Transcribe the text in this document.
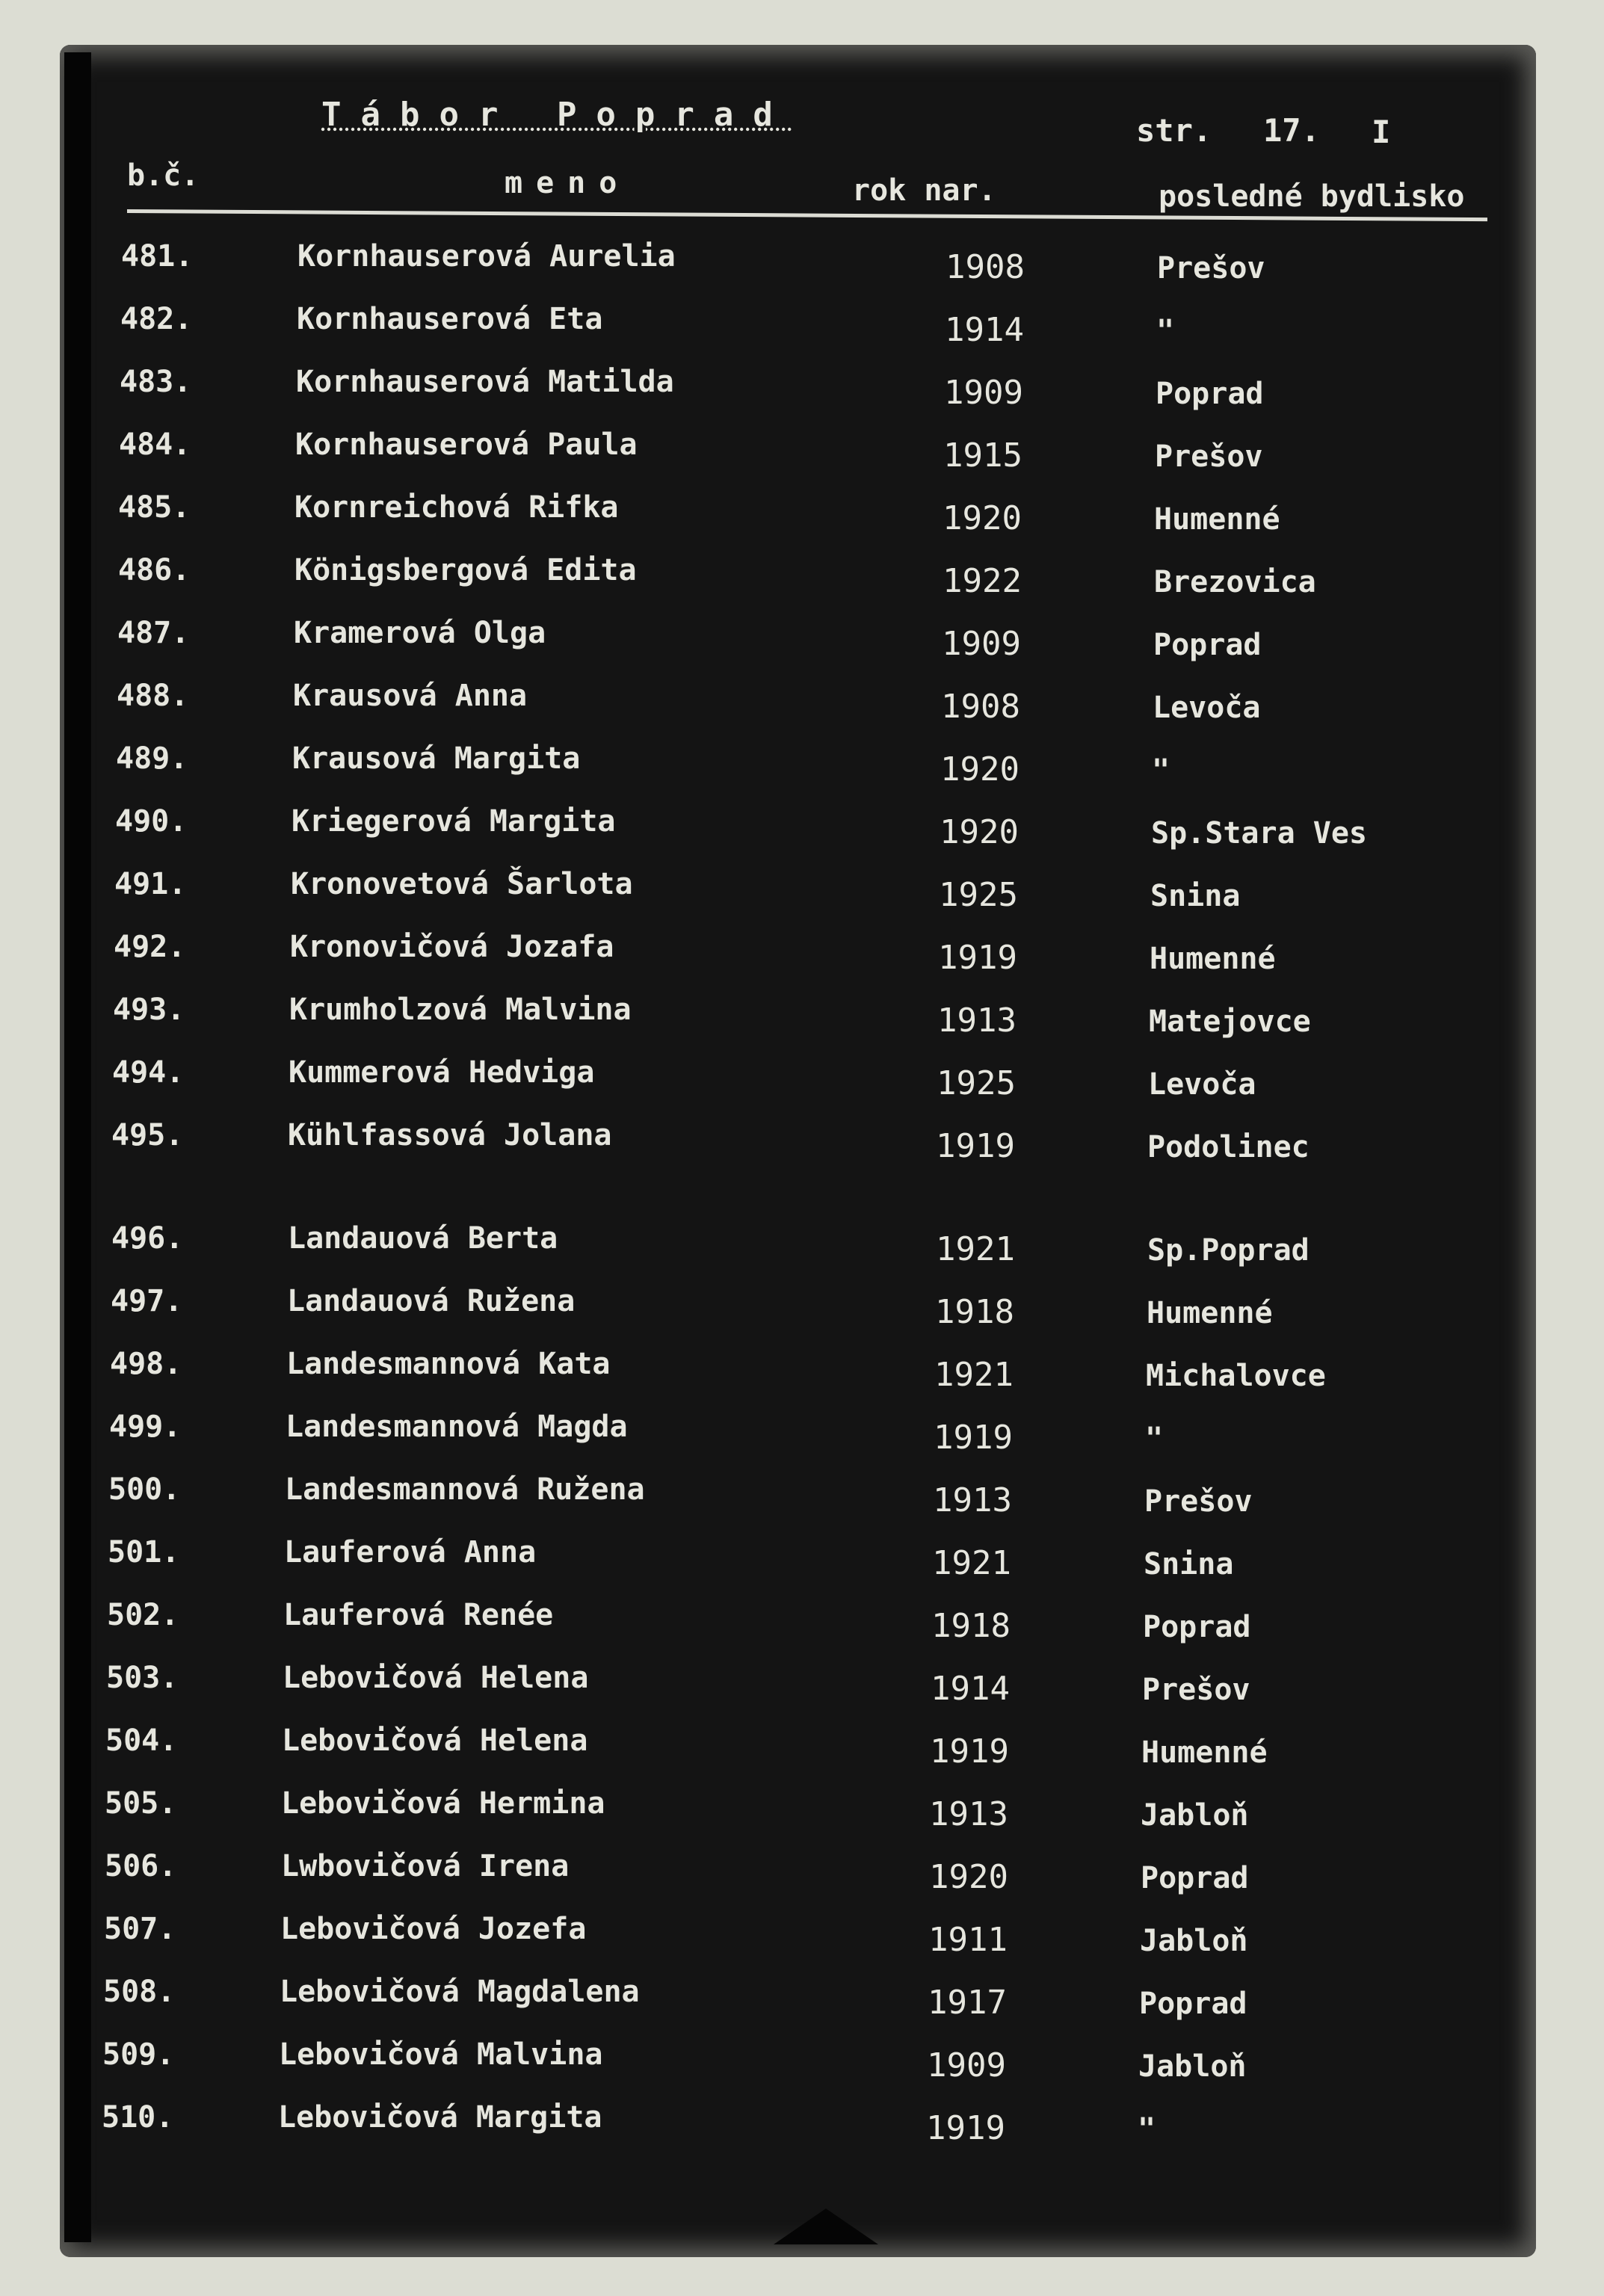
Tábor Poprad	str. 17. I
b.č.	meno	rok nar.	posledné bydlisko
481.	Kornhauserová Aurelia	1908	Prešov
482.	Kornhauserová Eta	1914	"
483.	Kornhauserová Matilda	1909	Poprad
484.	Kornhauserová Paula	1915	Prešov
485.	Kornreichová Rifka	1920	Humenné
486.	Königsbergová Edita	1922	Brezovica
487.	Kramerová Olga	1909	Poprad
488.	Krausová Anna	1908	Levoča
489.	Krausová Margita	1920	"
490.	Kriegerová Margita	1920	Sp.Stara Ves
491.	Kronovetová Šarlota	1925	Snina
492.	Kronovičová Jozafa	1919	Humenné
493.	Krumholzová Malvina	1913	Matejovce
494.	Kummerová Hedviga	1925	Levoča
495.	Kühlfassová Jolana	1919	Podolinec
496.	Landauová Berta	1921	Sp.Poprad
497.	Landauová Ružena	1918	Humenné
498.	Landesmannová Kata	1921	Michalovce
499.	Landesmannová Magda	1919	"
500.	Landesmannová Ružena	1913	Prešov
501.	Lauferová Anna	1921	Snina
502.	Lauferová Renée	1918	Poprad
503.	Lebovičová Helena	1914	Prešov
504.	Lebovičová Helena	1919	Humenné
505.	Lebovičová Hermina	1913	Jabloň
506.	Lwbovičová Irena	1920	Poprad
507.	Lebovičová Jozefa	1911	Jabloň
508.	Lebovičová Magdalena	1917	Poprad
509.	Lebovičová Malvina	1909	Jabloň
510.	Lebovičová Margita	1919	"
